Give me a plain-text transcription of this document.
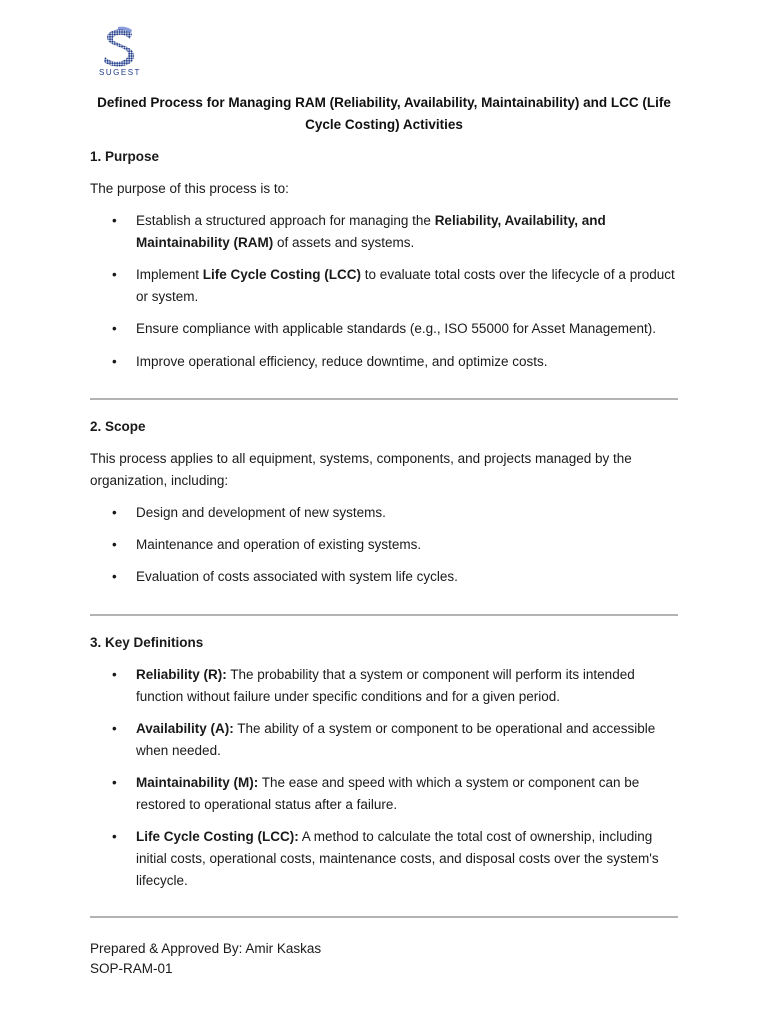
SUGEST
Defined Process for Managing RAM (Reliability, Availability, Maintainability) and LCC (Life Cycle Costing) Activities
1. Purpose
The purpose of this process is to:
• Establish a structured approach for managing the Reliability, Availability, and
Maintainability (RAM) of assets and systems.
• Implement Life Cycle Costing (LCC) to evaluate total costs over the lifecycle of a product
or system.
• Ensure compliance with applicable standards (e.g., ISO 55000 for Asset Management).
• Improve operational efficiency, reduce downtime, and optimize costs.
2. Scope
This process applies to all equipment, systems, components, and projects managed by the
organization, including:
• Design and development of new systems.
• Maintenance and operation of existing systems.
• Evaluation of costs associated with system life cycles.
3. Key Definitions
• Reliability (R): The probability that a system or component will perform its intended
function without failure under specific conditions and for a given period.
• Availability (A): The ability of a system or component to be operational and accessible
when needed.
• Maintainability (M): The ease and speed with which a system or component can be
restored to operational status after a failure.
• Life Cycle Costing (LCC): A method to calculate the total cost of ownership, including
initial costs, operational costs, maintenance costs, and disposal costs over the system's
lifecycle.
Prepared & Approved By: Amir Kaskas
SOP-RAM-01
